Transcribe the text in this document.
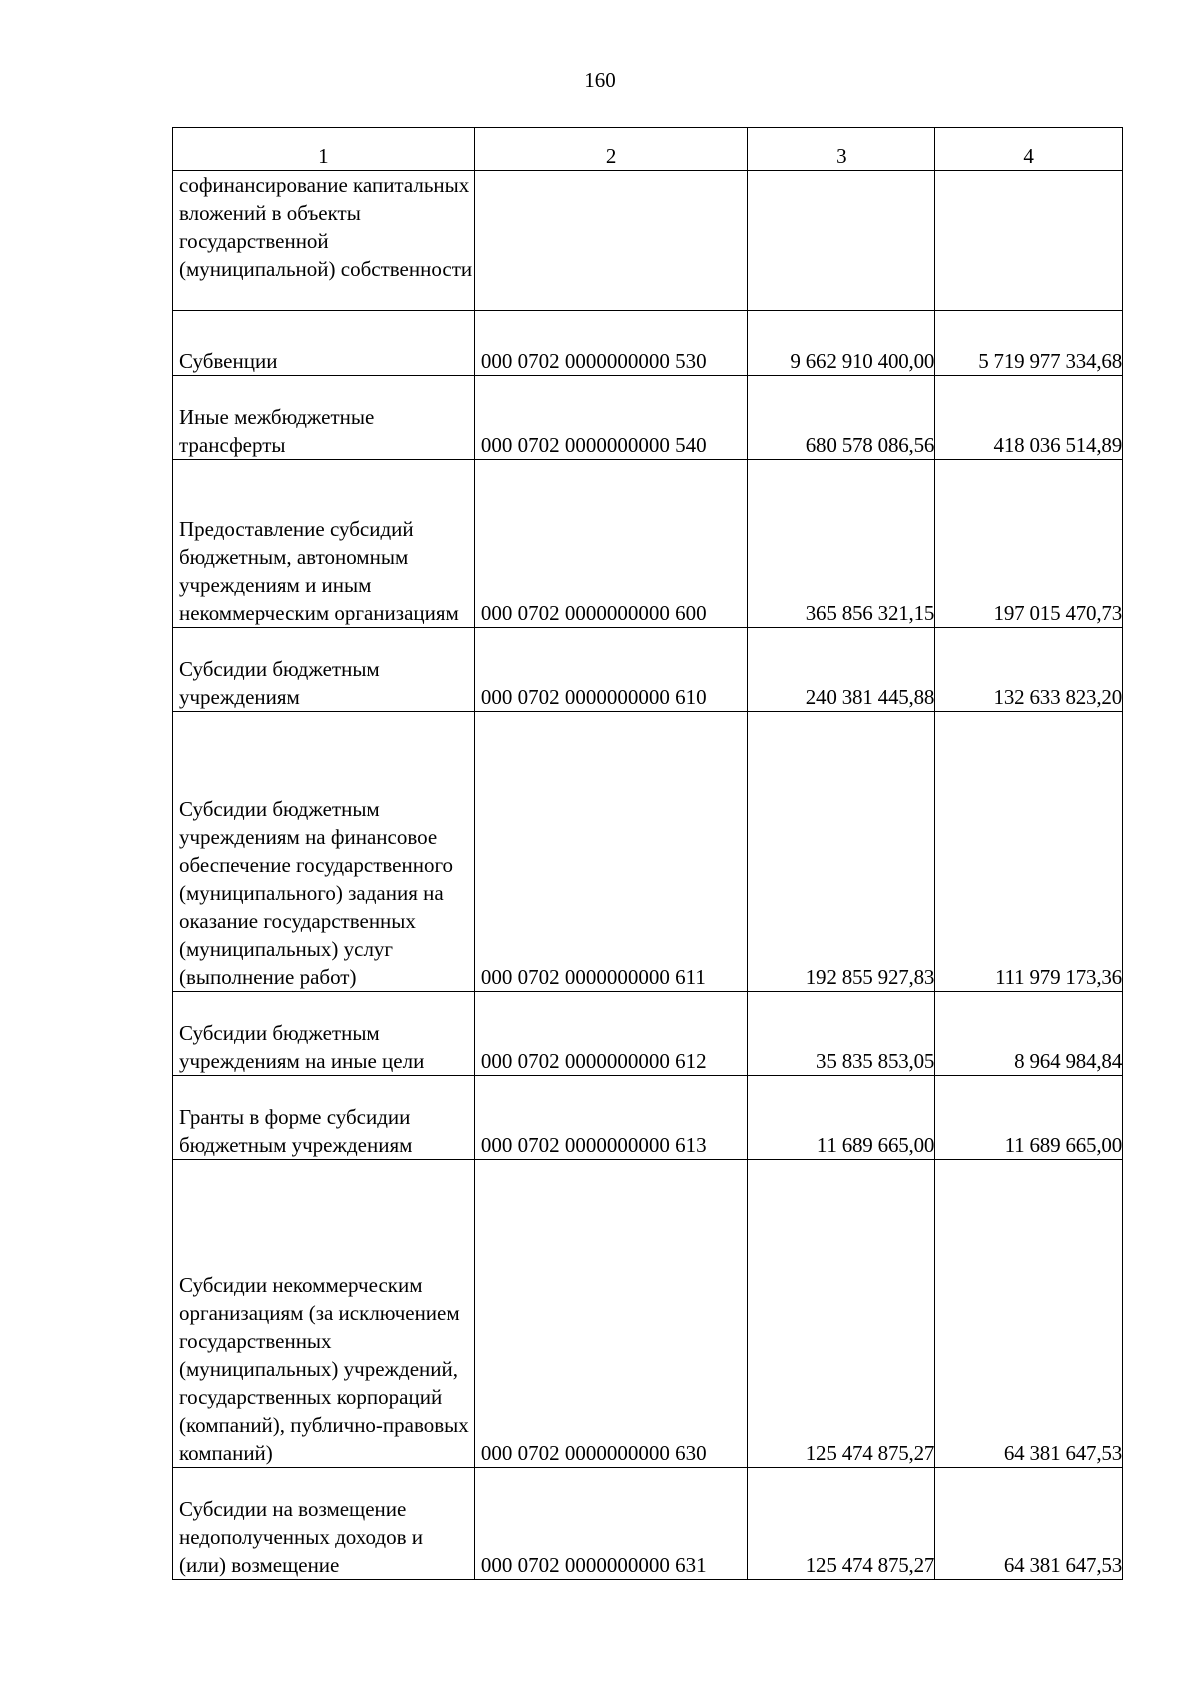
160
1	2	3	4
софинансирование капитальных вложений в объекты государственной (муниципальной) собственности			
Субвенции	000 0702 0000000000 530	9 662 910 400,00	5 719 977 334,68
Иные межбюджетные трансферты	000 0702 0000000000 540	680 578 086,56	418 036 514,89
Предоставление субсидий бюджетным, автономным учреждениям и иным некоммерческим организациям	000 0702 0000000000 600	365 856 321,15	197 015 470,73
Субсидии бюджетным учреждениям	000 0702 0000000000 610	240 381 445,88	132 633 823,20
Субсидии бюджетным учреждениям на финансовое обеспечение государственного (муниципального) задания на оказание государственных (муниципальных) услуг (выполнение работ)	000 0702 0000000000 611	192 855 927,83	111 979 173,36
Субсидии бюджетным учреждениям на иные цели	000 0702 0000000000 612	35 835 853,05	8 964 984,84
Гранты в форме субсидии бюджетным учреждениям	000 0702 0000000000 613	11 689 665,00	11 689 665,00
Субсидии некоммерческим организациям (за исключением государственных (муниципальных) учреждений, государственных корпораций (компаний), публично-правовых компаний)	000 0702 0000000000 630	125 474 875,27	64 381 647,53
Субсидии на возмещение недополученных доходов и (или) возмещение	000 0702 0000000000 631	125 474 875,27	64 381 647,53
